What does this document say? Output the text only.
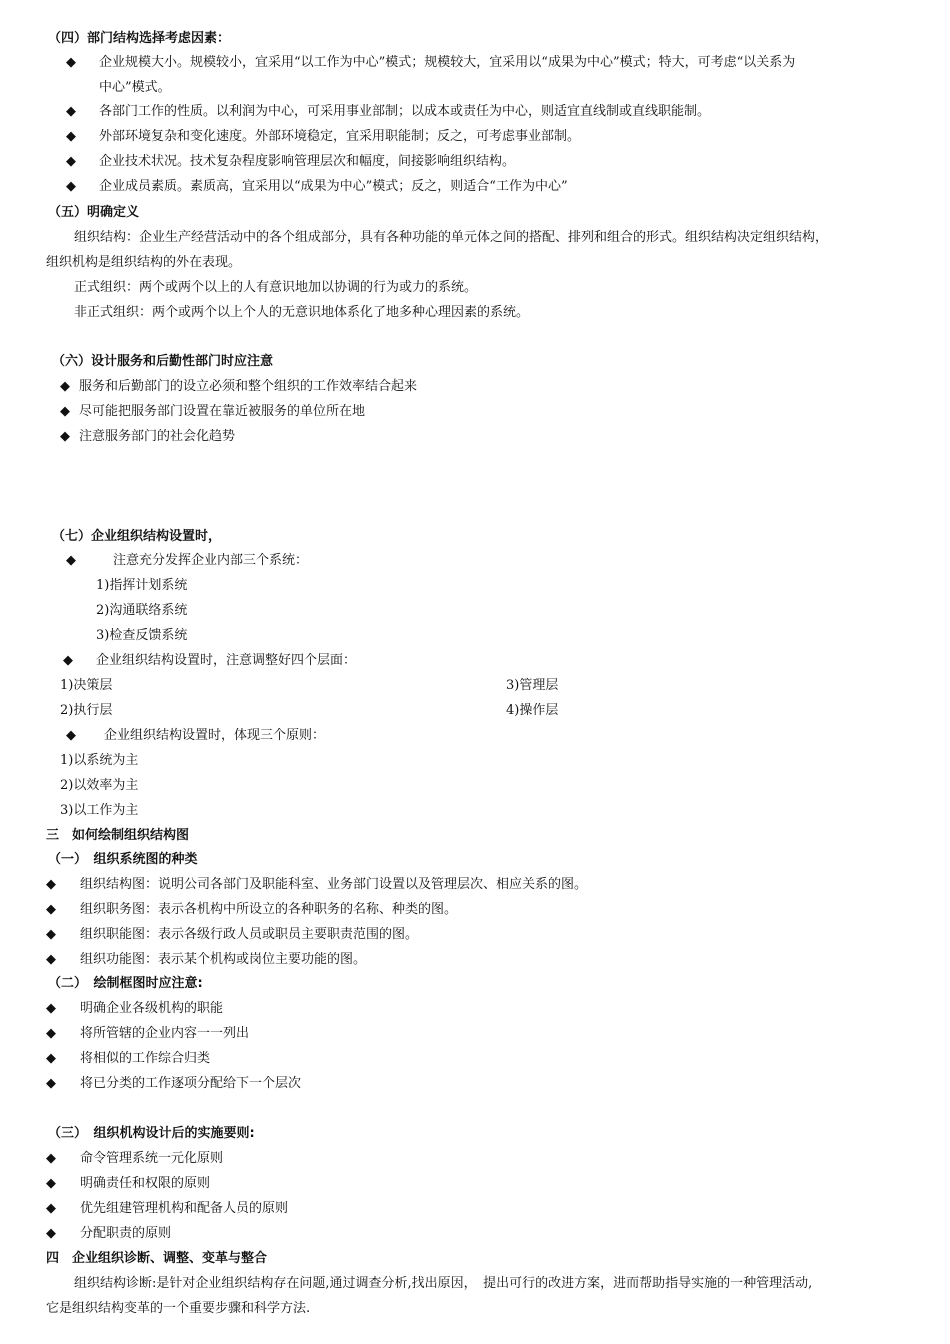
（四）部门结构选择考虑因素：
◆ 企业规模大小。规模较小，宜采用“以工作为中心”模式；规模较大，宜采用以“成果为中心”模式；特大，可考虑“以关系为
中心”模式。
◆ 各部门工作的性质。以利润为中心，可采用事业部制；以成本或责任为中心，则适宜直线制或直线职能制。
◆ 外部环境复杂和变化速度。外部环境稳定，宜采用职能制；反之，可考虑事业部制。
◆ 企业技术状况。技术复杂程度影响管理层次和幅度，间接影响组织结构。
◆ 企业成员素质。素质高，宜采用以“成果为中心”模式；反之，则适合“工作为中心”
（五）明确定义
组织结构：企业生产经营活动中的各个组成部分，具有各种功能的单元体之间的搭配、排列和组合的形式。组织结构决定组织结构，
组织机构是组织结构的外在表现。
正式组织：两个或两个以上的人有意识地加以协调的行为或力的系统。
非正式组织：两个或两个以上个人的无意识地体系化了地多种心理因素的系统。
（六）设计服务和后勤性部门时应注意
◆ 服务和后勤部门的设立必须和整个组织的工作效率结合起来
◆ 尽可能把服务部门设置在靠近被服务的单位所在地
◆ 注意服务部门的社会化趋势
（七）企业组织结构设置时，
◆	注意充分发挥企业内部三个系统：
1)指挥计划系统
2)沟通联络系统
3)检查反馈系统
◆ 企业组织结构设置时，注意调整好四个层面：
1)决策层	3)管理层
2)执行层	4)操作层
◆ 企业组织结构设置时，体现三个原则：
1)以系统为主
2)以效率为主
3)以工作为主
三　如何绘制组织结构图
（一）　组织系统图的种类
◆ 组织结构图：说明公司各部门及职能科室、业务部门设置以及管理层次、相应关系的图。
◆ 组织职务图：表示各机构中所设立的各种职务的名称、种类的图。
◆ 组织职能图：表示各级行政人员或职员主要职责范围的图。
◆ 组织功能图：表示某个机构或岗位主要功能的图。
（二）　绘制框图时应注意:
◆ 明确企业各级机构的职能
◆ 将所管辖的企业内容一一列出
◆ 将相似的工作综合归类
◆ 将已分类的工作逐项分配给下一个层次
（三）　组织机构设计后的实施要则:
◆ 命令管理系统一元化原则
◆ 明确责任和权限的原则
◆ 优先组建管理机构和配备人员的原则
◆ 分配职责的原则
四　企业组织诊断、调整、变革与整合
组织结构诊断:是针对企业组织结构存在问题,通过调查分析,找出原因，　提出可行的改进方案，进而帮助指导实施的一种管理活动,
它是组织结构变革的一个重要步骤和科学方法.
